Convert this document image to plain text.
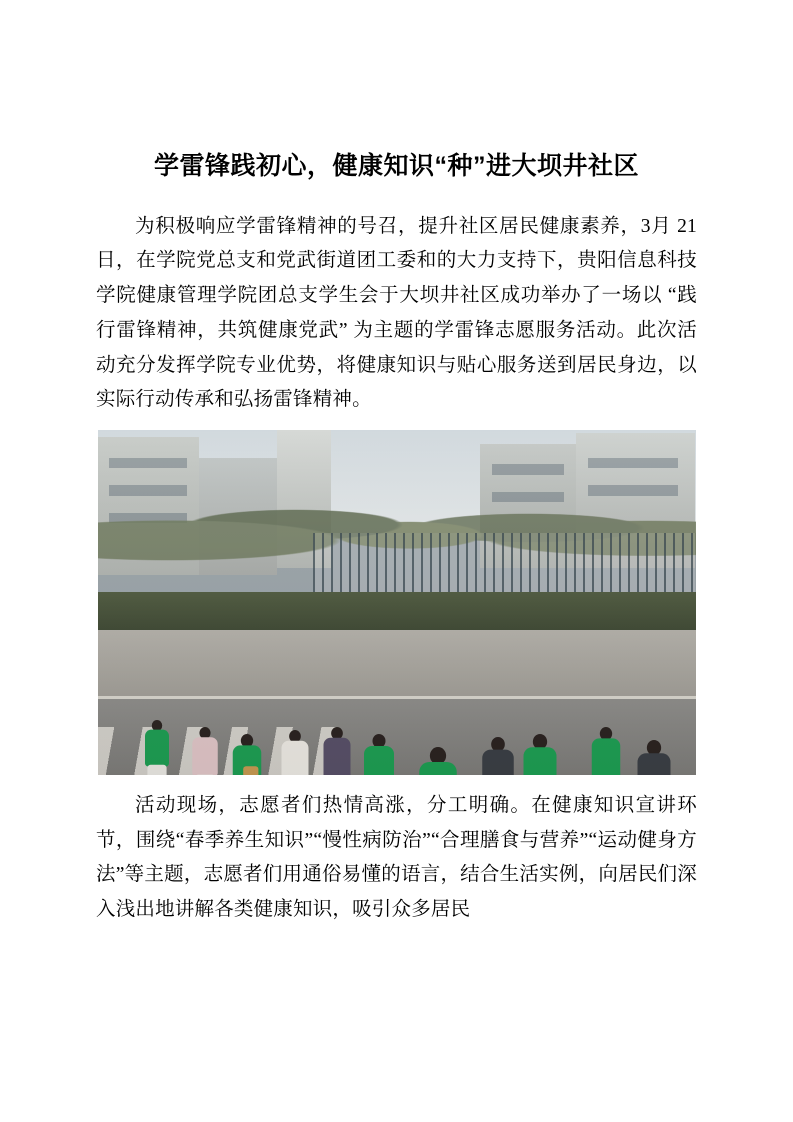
学雷锋践初心，健康知识“种”进大坝井社区

为积极响应学雷锋精神的号召，提升社区居民健康素养，3月 21 日，在学院党总支和党武街道团工委和的大力支持下，贵阳信息科技学院健康管理学院团总支学生会于大坝井社区成功举办了一场以 “践行雷锋精神，共筑健康党武” 为主题的学雷锋志愿服务活动。此次活动充分发挥学院专业优势，将健康知识与贴心服务送到居民身边，以实际行动传承和弘扬雷锋精神。

活动现场，志愿者们热情高涨，分工明确。在健康知识宣讲环节，围绕“春季养生知识”“慢性病防治”“合理膳食与营养”“运动健身方法”等主题，志愿者们用通俗易懂的语言，结合生活实例，向居民们深入浅出地讲解各类健康知识，吸引众多居民
